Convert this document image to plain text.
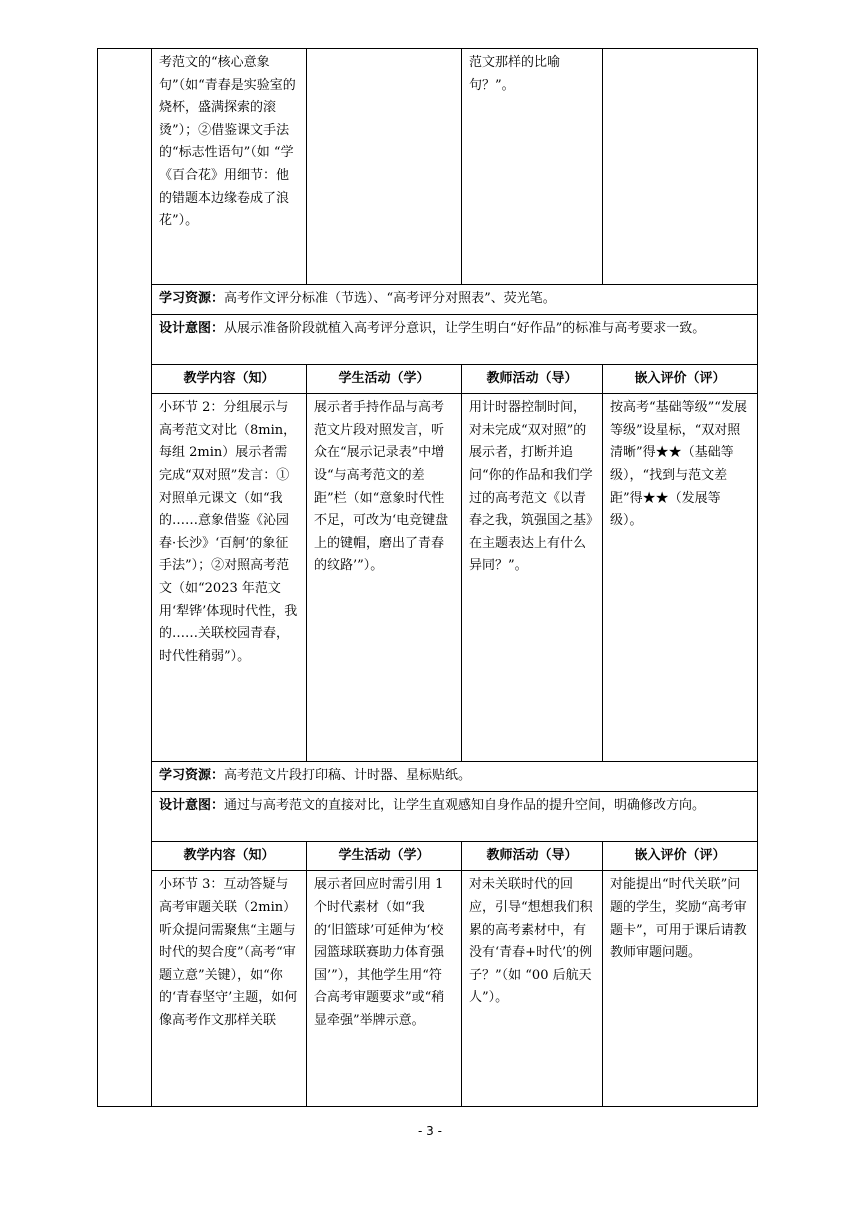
	考范文的“核心意象句”（如“青春是实验室的烧杯，盛满探索的滚烫”）；②借鉴课文手法的“标志性语句”（如 “学《百合花》用细节：他的错题本边缘卷成了浪花”）。		范文那样的比喻句？”。	
	学习资源：高考作文评分标准（节选）、“高考评分对照表”、荧光笔。			
	设计意图：从展示准备阶段就植入高考评分意识，让学生明白“好作品”的标准与高考要求一致。			
	教学内容（知）	学生活动（学）	教师活动（导）	嵌入评价（评）
	小环节 2：分组展示与高考范文对比（8min，每组 2min）展示者需完成“双对照”发言：①对照单元课文（如“我的……意象借鉴《沁园春·长沙》‘百舸’的象征手法”）；②对照高考范文（如“2023 年范文用‘犁铧’体现时代性，我的……关联校园青春，时代性稍弱”）。	展示者手持作品与高考范文片段对照发言，听众在“展示记录表”中增设“与高考范文的差距”栏（如“意象时代性不足，可改为‘电竞键盘上的键帽，磨出了青春的纹路’”）。	用计时器控制时间，对未完成“双对照”的展示者，打断并追问“你的作品和我们学过的高考范文《以青春之我，筑强国之基》在主题表达上有什么异同？”。	按高考“基础等级”“发展等级”设星标，“双对照清晰”得★★（基础等级），“找到与范文差距”得★★（发展等级）。
	学习资源：高考范文片段打印稿、计时器、星标贴纸。			
	设计意图：通过与高考范文的直接对比，让学生直观感知自身作品的提升空间，明确修改方向。			
	教学内容（知）	学生活动（学）	教师活动（导）	嵌入评价（评）
	小环节 3：互动答疑与高考审题关联（2min）听众提问需聚焦“主题与时代的契合度”（高考“审题立意”关键），如“你的‘青春坚守’主题，如何像高考作文那样关联	展示者回应时需引用 1 个时代素材（如“我的‘旧篮球’可延伸为‘校园篮球联赛助力体育强国’”），其他学生用“符合高考审题要求”或“稍显牵强”举牌示意。	对未关联时代的回应，引导“想想我们积累的高考素材中，有没有‘青春+时代’的例子？”（如 “00 后航天人”）。	对能提出“时代关联”问题的学生，奖励“高考审题卡”，可用于课后请教教师审题问题。
- 3 -
